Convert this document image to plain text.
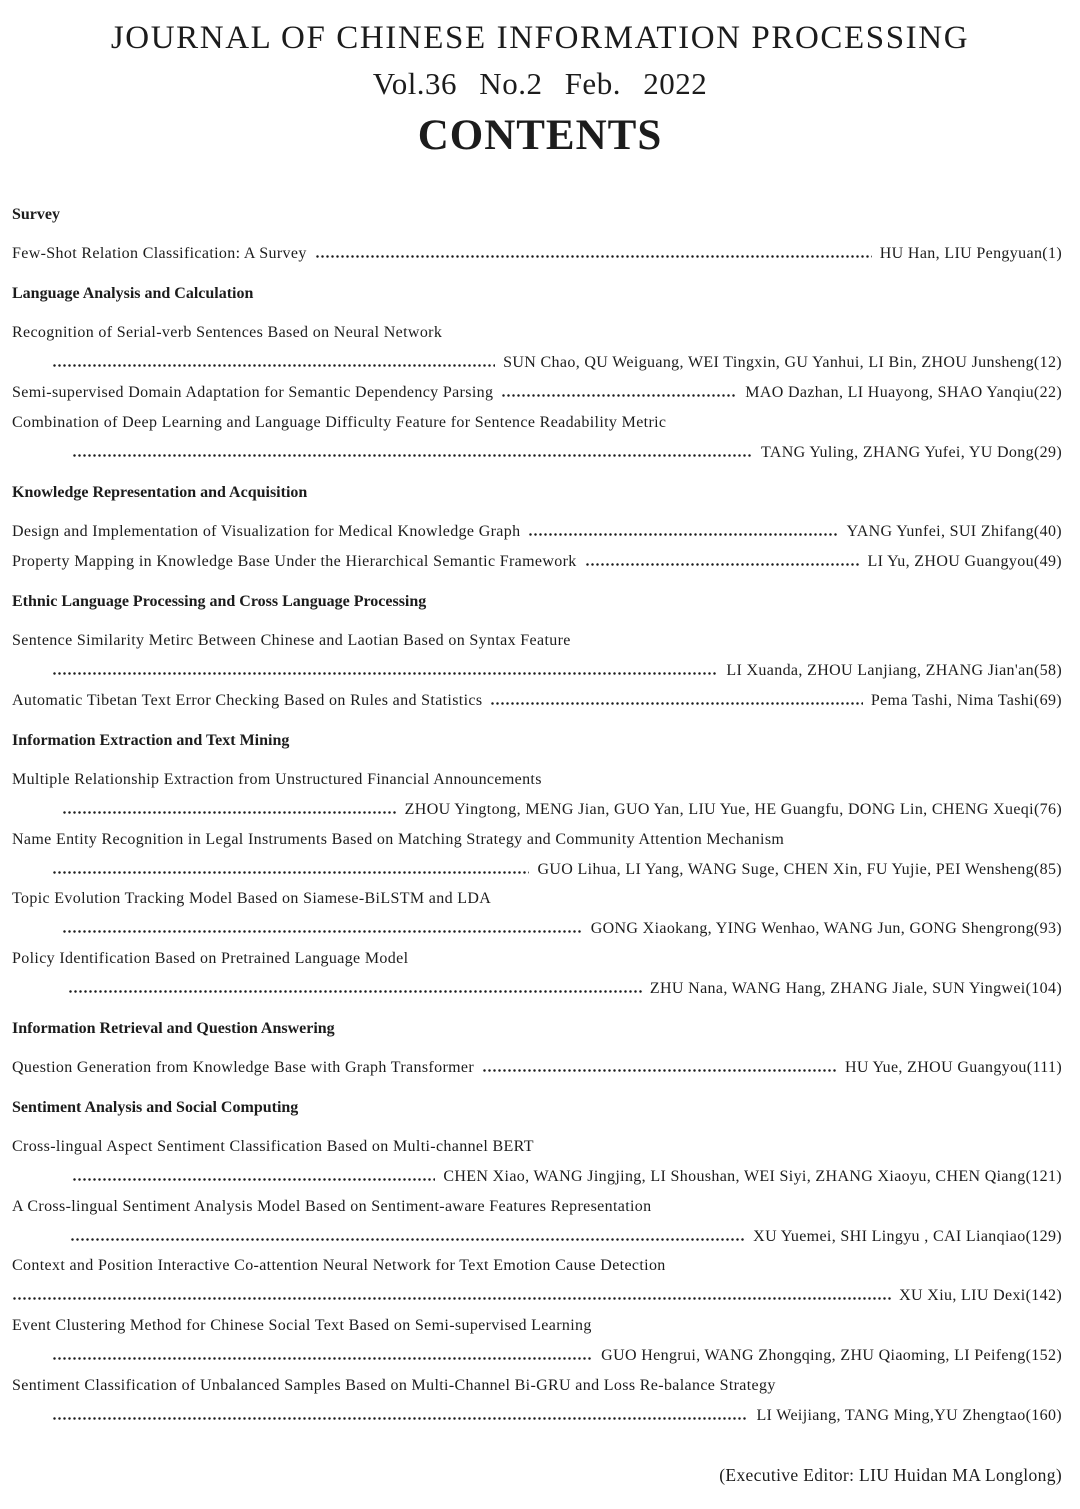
JOURNAL OF CHINESE INFORMATION PROCESSING
Vol.36 No.2 Feb. 2022
CONTENTS
Survey
Few-Shot Relation Classification: A Survey	HU Han, LIU Pengyuan(1)
Language Analysis and Calculation
Recognition of Serial-verb Sentences Based on Neural Network
SUN Chao, QU Weiguang, WEI Tingxin, GU Yanhui, LI Bin, ZHOU Junsheng(12)
Semi-supervised Domain Adaptation for Semantic Dependency Parsing	MAO Dazhan, LI Huayong, SHAO Yanqiu(22)
Combination of Deep Learning and Language Difficulty Feature for Sentence Readability Metric
TANG Yuling, ZHANG Yufei, YU Dong(29)
Knowledge Representation and Acquisition
Design and Implementation of Visualization for Medical Knowledge Graph	YANG Yunfei, SUI Zhifang(40)
Property Mapping in Knowledge Base Under the Hierarchical Semantic Framework	LI Yu, ZHOU Guangyou(49)
Ethnic Language Processing and Cross Language Processing
Sentence Similarity Metirc Between Chinese and Laotian Based on Syntax Feature
LI Xuanda, ZHOU Lanjiang, ZHANG Jian'an(58)
Automatic Tibetan Text Error Checking Based on Rules and Statistics	Pema Tashi, Nima Tashi(69)
Information Extraction and Text Mining
Multiple Relationship Extraction from Unstructured Financial Announcements
ZHOU Yingtong, MENG Jian, GUO Yan, LIU Yue, HE Guangfu, DONG Lin, CHENG Xueqi(76)
Name Entity Recognition in Legal Instruments Based on Matching Strategy and Community Attention Mechanism
GUO Lihua, LI Yang, WANG Suge, CHEN Xin, FU Yujie, PEI Wensheng(85)
Topic Evolution Tracking Model Based on Siamese-BiLSTM and LDA
GONG Xiaokang, YING Wenhao, WANG Jun, GONG Shengrong(93)
Policy Identification Based on Pretrained Language Model
ZHU Nana, WANG Hang, ZHANG Jiale, SUN Yingwei(104)
Information Retrieval and Question Answering
Question Generation from Knowledge Base with Graph Transformer	HU Yue, ZHOU Guangyou(111)
Sentiment Analysis and Social Computing
Cross-lingual Aspect Sentiment Classification Based on Multi-channel BERT
CHEN Xiao, WANG Jingjing, LI Shoushan, WEI Siyi, ZHANG Xiaoyu, CHEN Qiang(121)
A Cross-lingual Sentiment Analysis Model Based on Sentiment-aware Features Representation
XU Yuemei, SHI Lingyu , CAI Lianqiao(129)
Context and Position Interactive Co-attention Neural Network for Text Emotion Cause Detection
XU Xiu, LIU Dexi(142)
Event Clustering Method for Chinese Social Text Based on Semi-supervised Learning
GUO Hengrui, WANG Zhongqing, ZHU Qiaoming, LI Peifeng(152)
Sentiment Classification of Unbalanced Samples Based on Multi-Channel Bi-GRU and Loss Re-balance Strategy
LI Weijiang, TANG Ming,YU Zhengtao(160)
(Executive Editor: LIU Huidan MA Longlong)
